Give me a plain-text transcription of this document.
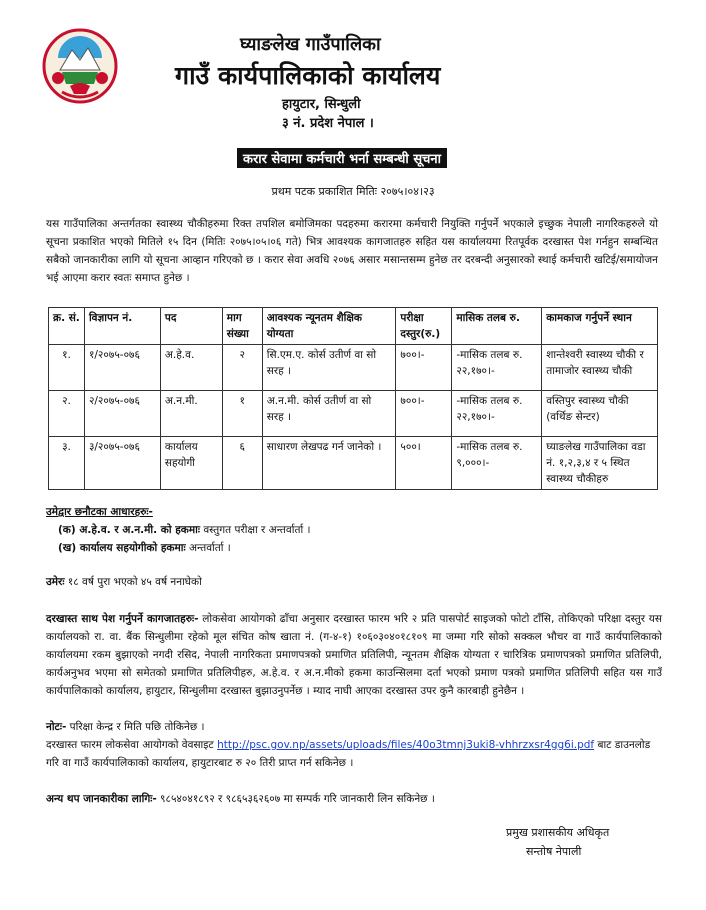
घ्याङलेख गाउँपालिका
गाउँ कार्यपालिकाको कार्यालय
हायुटार, सिन्धुली
३ नं. प्रदेश नेपाल ।
करार सेवामा कर्मचारी भर्ना सम्बन्धी सूचना
प्रथम पटक प्रकाशित मितिः २०७५।०४।२३
यस गाउँपालिका अन्तर्गतका स्वास्थ्य चौकीहरुमा रिक्त तपशिल बमोजिमका पदहरुमा करारमा कर्मचारी नियुक्ति गर्नुपर्ने भएकाले इच्छुक नेपाली नागरिकहरुले यो सूचना प्रकाशित भएको मितिले १५ दिन (मितिः २०७५।०५।०६ गते) भित्र आवश्यक कागजातहरु सहित यस कार्यालयमा रितपूर्वक दरखास्त पेश गर्नहुन सम्बन्धित सबैको जानकारीका लागि यो सूचना आव्हान गरिएको छ । करार सेवा अवधि २०७६ असार मसान्तसम्म हुनेछ तर दरबन्दी अनुसारको स्थाई कर्मचारी खटिई/समायोजन भई आएमा करार स्वतः समाप्त हुनेछ ।
क्र. सं.	विज्ञापन नं.	पद	माग संख्या	आवश्यक न्यूनतम शैक्षिक योग्यता	परीक्षा दस्तुर(रु.)	मासिक तलब रु.	कामकाज गर्नुपर्ने स्थान
१.	१/२०७५-०७६	अ.हे.व.	२	सि.एम.ए. कोर्स उतीर्ण वा सो सरह ।	७००।-	-मासिक तलब रु. २२,१७०।-	शान्तेश्वरी स्वास्थ्य चौकी र तामाजोर स्वास्थ्य चौकी
२.	२/२०७५-०७६	अ.न.मी.	१	अ.न.मी. कोर्स उतीर्ण वा सो सरह ।	७००।-	-मासिक तलब रु. २२,१७०।-	वस्तिपुर स्वास्थ्य चौकी (वर्थिङ सेन्टर)
३.	३/२०७५-०७६	कार्यालय सहयोगी	६	साधारण लेखपढ गर्न जानेको ।	५००।	-मासिक तलब रु. ९,०००।-	घ्याङलेख गाउँपालिका वडा नं. १,२,३,४ र ५ स्थित स्वास्थ्य चौकीहरु
उमेद्वार छनौटका आधारहरुः-
(क) अ.हे.व. र अ.न.मी. को हकमाः वस्तुगत परीक्षा र अन्तर्वार्ता ।
(ख) कार्यालय सहयोगीको हकमाः अन्तर्वार्ता ।
उमेरः १८ वर्ष पुरा भएको ४५ वर्ष ननाघेको
दरखास्त साथ पेश गर्नुपर्ने कागजातहरुः- लोकसेवा आयोगको ढाँचा अनुसार दरखास्त फारम भरि २ प्रति पासपोर्ट साइजको फोटो टाँसि, तोकिएको परिक्षा दस्तुर यस कार्यालयको रा. वा. बैंक सिन्धुलीमा रहेको मूल संचित कोष खाता नं. (ग-४-१) १०६०३०४०१८१०९ मा जम्मा गरि सोको सक्कल भौचर वा गाउँ कार्यपालिकाको कार्यालयमा रकम बुझाएको नगदी रसिद, नेपाली नागरिकता प्रमाणपत्रको प्रमाणित प्रतिलिपी, न्यूनतम शैक्षिक योग्यता र चारित्रिक प्रमाणपत्रको प्रमाणित प्रतिलिपी, कार्यअनुभव भएमा सो समेतको प्रमाणित प्रतिलिपीहरु, अ.हे.व. र अ.न.मीको हकमा काउन्सिलमा दर्ता भएको प्रमाण पत्रको प्रमाणित प्रतिलिपी सहित यस गाउँ कार्यपालिकाको कार्यालय, हायुटार, सिन्धुलीमा दरखास्त बुझाउनुपर्नेछ । म्याद नाघी आएका दरखास्त उपर कुनै कारबाही हुनेछैन ।
नोटः- परिक्षा केन्द्र र मिति पछि तोकिनेछ ।
दरखास्त फारम लोकसेवा आयोगको वेवसाइट http://psc.gov.np/assets/uploads/files/40o3tmnj3uki8-vhhrzxsr4gg6i.pdf बाट डाउनलोड गरि वा गाउँ कार्यपालिकाको कार्यालय, हायुटारबाट रु २० तिरी प्राप्त गर्न सकिनेछ ।
अन्य थप जानकारीका लागिः- ९८५४०४१८९२ र ९८६५३६२६०७ मा सम्पर्क गरि जानकारी लिन सकिनेछ ।
प्रमुख प्रशासकीय अधिकृत
सन्तोष नेपाली
